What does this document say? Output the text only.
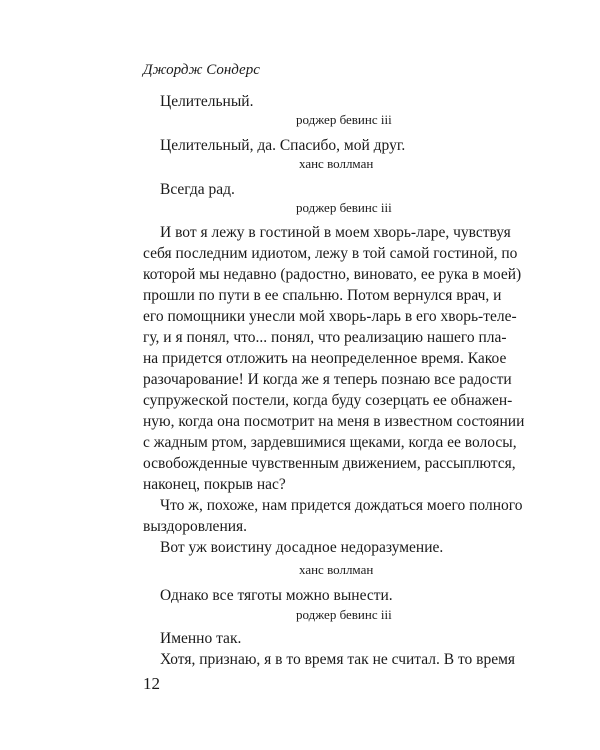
Джордж Сондерс
Целительный.
роджер бевинс iii
Целительный, да. Спасибо, мой друг.
ханс воллман
Всегда рад.
роджер бевинс iii
И вот я лежу в гостиной в моем хворь-ларе, чувствуя
себя последним идиотом, лежу в той самой гостиной, по
которой мы недавно (радостно, виновато, ее рука в моей)
прошли по пути в ее спальню. Потом вернулся врач, и
его помощники унесли мой хворь-ларь в его хворь-теле-
гу, и я понял, что... понял, что реализацию нашего пла-
на придется отложить на неопределенное время. Какое
разочарование! И когда же я теперь познаю все радости
супружеской постели, когда буду созерцать ее обнажен-
ную, когда она посмотрит на меня в известном состоянии
с жадным ртом, зардевшимися щеками, когда ее волосы,
освобожденные чувственным движением, рассыплются,
наконец, покрыв нас?
Что ж, похоже, нам придется дождаться моего полного
выздоровления.
Вот уж воистину досадное недоразумение.
ханс воллман
Однако все тяготы можно вынести.
роджер бевинс iii
Именно так.
Хотя, признаю, я в то время так не считал. В то время
12
